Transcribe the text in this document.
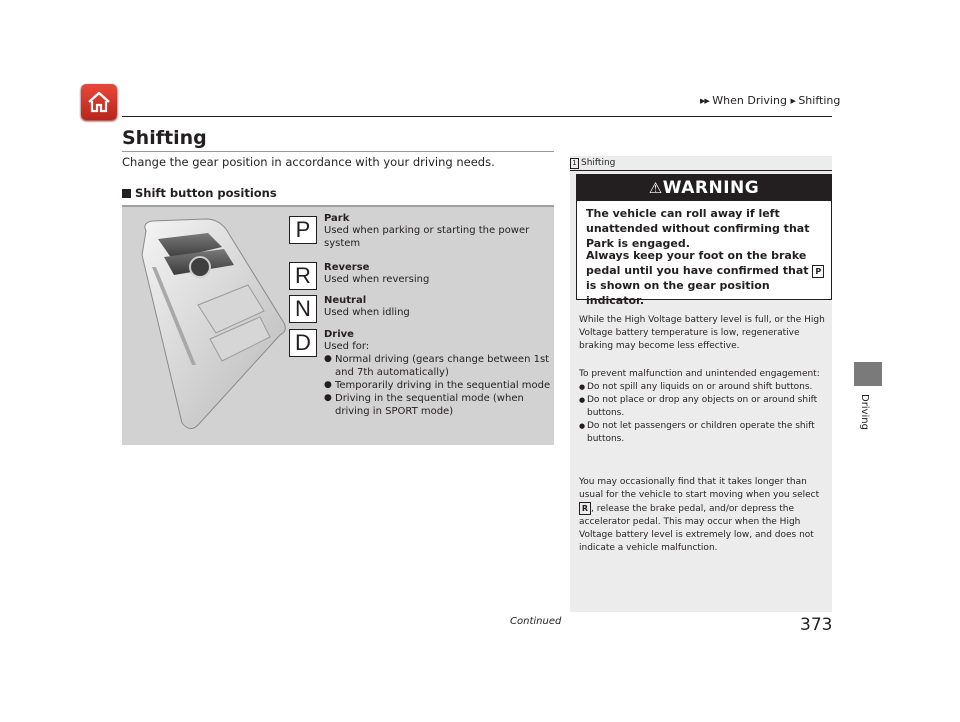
▶▶ When Driving ▶ Shifting
Driving
Shifting
Change the gear position in accordance with your driving needs.
Shift button positions
P	Park
Used when parking or starting the power system
R	Reverse
Used when reversing
N	Neutral
Used when idling
D	Drive
Used for:
● Normal driving (gears change between 1st and 7th automatically)
● Temporarily driving in the sequential mode
● Driving in the sequential mode (when driving in SPORT mode)
1 Shifting
⚠WARNING
The vehicle can roll away if left unattended without confirming that Park is engaged.
Always keep your foot on the brake pedal until you have confirmed that P is shown on the gear position indicator.
While the High Voltage battery level is full, or the High Voltage battery temperature is low, regenerative braking may become less effective.
To prevent malfunction and unintended engagement:
● Do not spill any liquids on or around shift buttons.
● Do not place or drop any objects on or around shift buttons.
● Do not let passengers or children operate the shift buttons.
You may occasionally find that it takes longer than usual for the vehicle to start moving when you select R , release the brake pedal, and/or depress the accelerator pedal. This may occur when the High Voltage battery level is extremely low, and does not indicate a vehicle malfunction.
Continued	373
